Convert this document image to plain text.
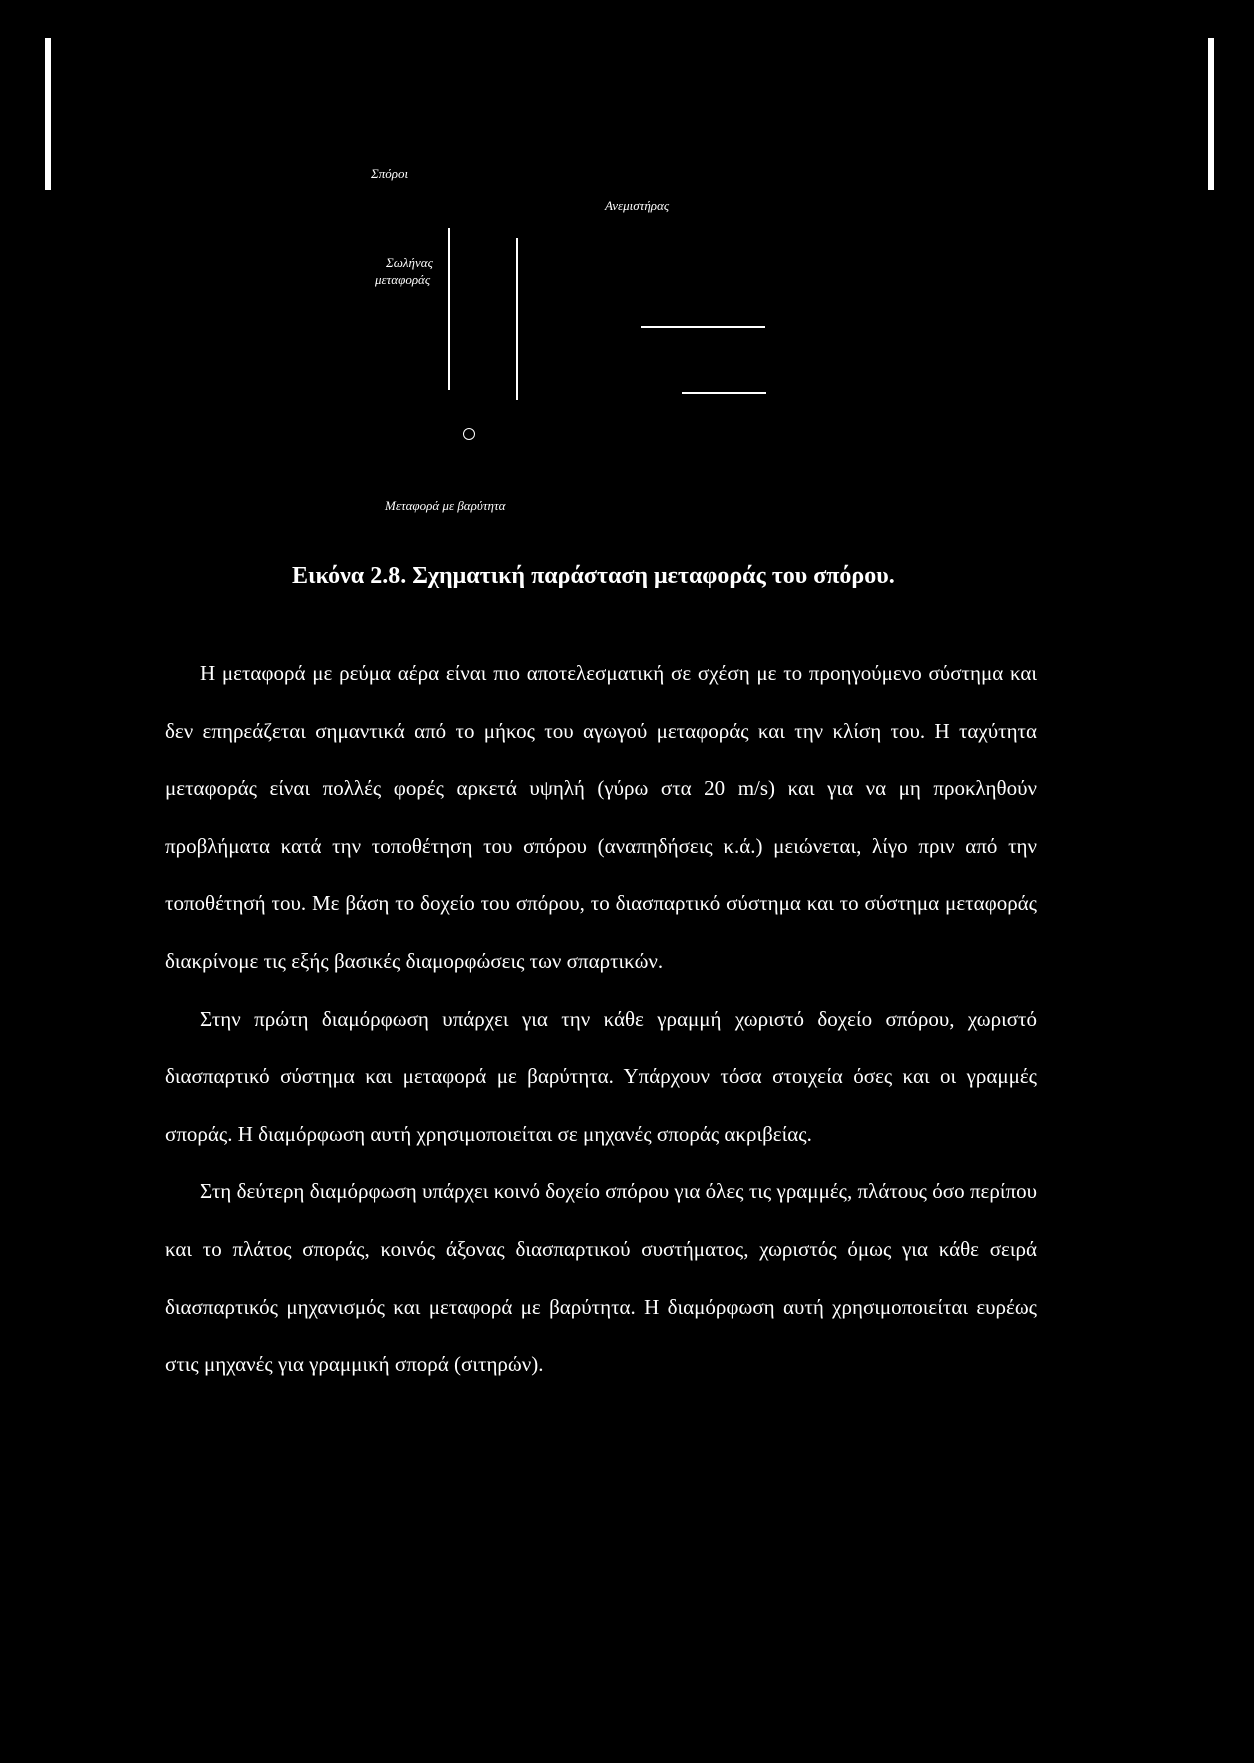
Σπόροι
Ανεμιστήρας
Σωλήνας
μεταφοράς
Μεταφορά με βαρύτητα
Εικόνα 2.8. Σχηματική παράσταση μεταφοράς του σπόρου.

Η μεταφορά με ρεύμα αέρα είναι πιο αποτελεσματική σε σχέση με το προηγούμενο σύστημα και δεν επηρεάζεται σημαντικά από το μήκος του αγωγού μεταφοράς και την κλίση του. Η ταχύτητα μεταφοράς είναι πολλές φορές αρκετά υψηλή (γύρω στα 20 m/s) και για να μη προκληθούν προβλήματα κατά την τοποθέτηση του σπόρου (αναπηδήσεις κ.ά.) μειώνεται, λίγο πριν από την τοποθέτησή του. Με βάση το δοχείο του σπόρου, το διασπαρτικό σύστημα και το σύστημα μεταφοράς διακρίνομε τις εξής βασικές διαμορφώσεις των σπαρτικών.

Στην πρώτη διαμόρφωση υπάρχει για την κάθε γραμμή χωριστό δοχείο σπόρου, χωριστό διασπαρτικό σύστημα και μεταφορά με βαρύτητα. Υπάρχουν τόσα στοιχεία όσες και οι γραμμές σποράς. Η διαμόρφωση αυτή χρησιμοποιείται σε μηχανές σποράς ακριβείας.

Στη δεύτερη διαμόρφωση υπάρχει κοινό δοχείο σπόρου για όλες τις γραμμές, πλάτους όσο περίπου και το πλάτος σποράς, κοινός άξονας διασπαρτικού συστήματος, χωριστός όμως για κάθε σειρά διασπαρτικός μηχανισμός και μεταφορά με βαρύτητα. Η διαμόρφωση αυτή χρησιμοποιείται ευρέως στις μηχανές για γραμμική σπορά (σιτηρών).
